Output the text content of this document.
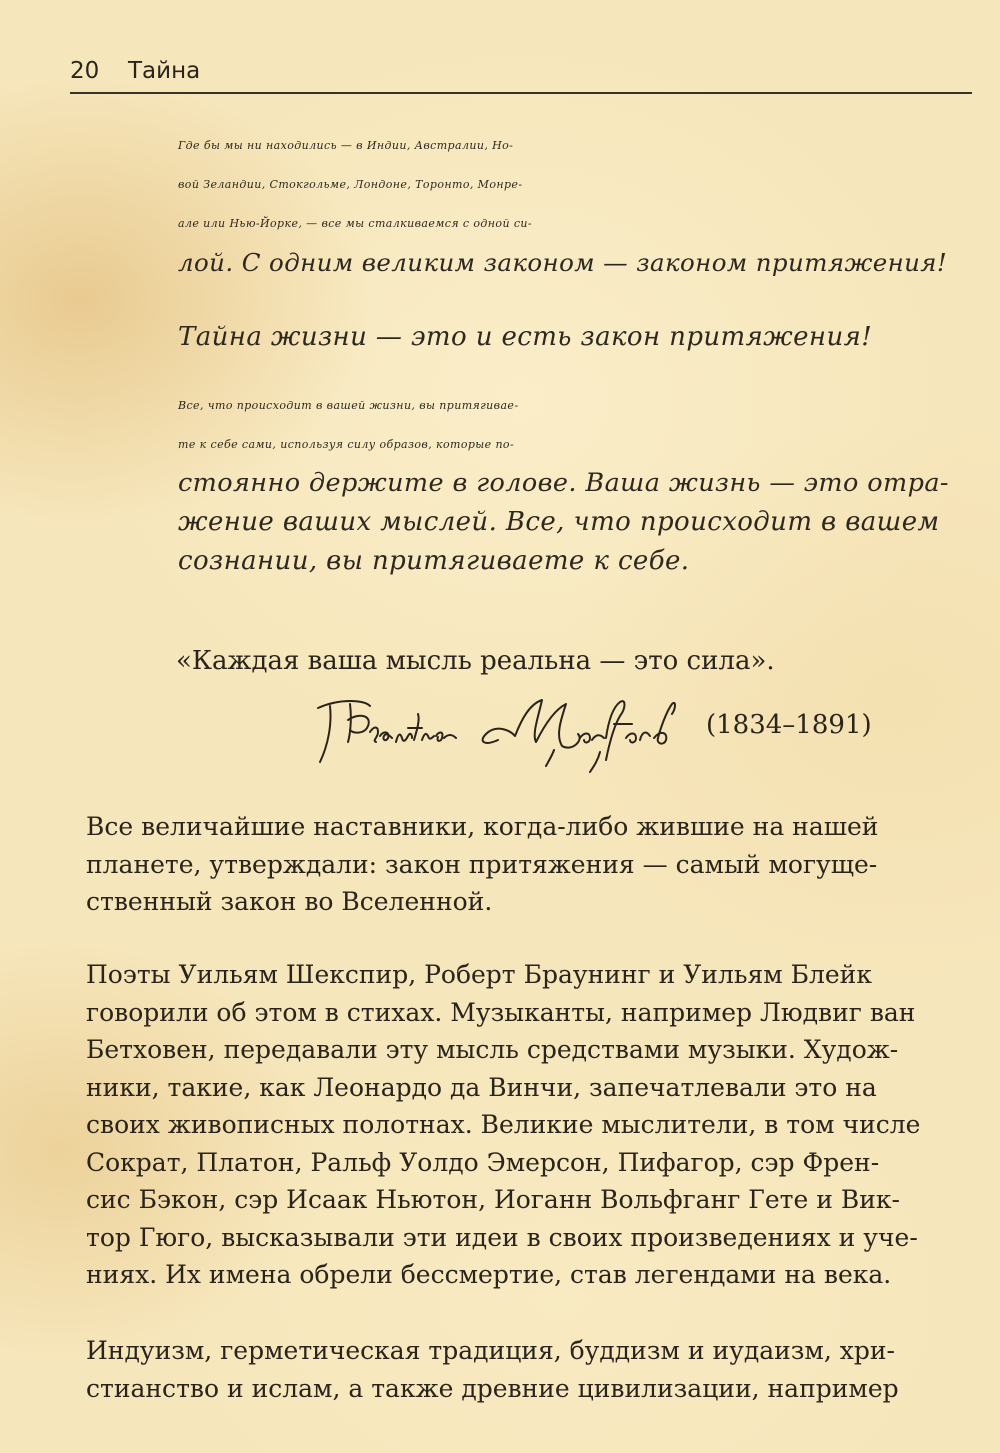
20 Тайна

Где бы мы ни находились — в Индии, Австралии, Но-
вой Зеландии, Стокгольме, Лондоне, Торонто, Монре-
але или Нью-Йорке, — все мы сталкиваемся с одной си-
лой. С одним великим законом — законом притяжения!

Тайна жизни — это и есть закон притяжения!

Все, что происходит в вашей жизни, вы притягивае-
те к себе сами, используя силу образов, которые по-
стоянно держите в голове. Ваша жизнь — это отра-
жение ваших мыслей. Все, что происходит в вашем
сознании, вы притягиваете к себе.

«Каждая ваша мысль реальна — это сила».
(1834–1891)

Все величайшие наставники, когда-либо жившие на нашей
планете, утверждали: закон притяжения — самый могуще-
ственный закон во Вселенной.

Поэты Уильям Шекспир, Роберт Браунинг и Уильям Блейк
говорили об этом в стихах. Музыканты, например Людвиг ван
Бетховен, передавали эту мысль средствами музыки. Худож-
ники, такие, как Леонардо да Винчи, запечатлевали это на
своих живописных полотнах. Великие мыслители, в том числе
Сократ, Платон, Ральф Уолдо Эмерсон, Пифагор, сэр Френ-
сис Бэкон, сэр Исаак Ньютон, Иоганн Вольфганг Гете и Вик-
тор Гюго, высказывали эти идеи в своих произведениях и уче-
ниях. Их имена обрели бессмертие, став легендами на века.

Индуизм, герметическая традиция, буддизм и иудаизм, хри-
стианство и ислам, а также древние цивилизации, например
